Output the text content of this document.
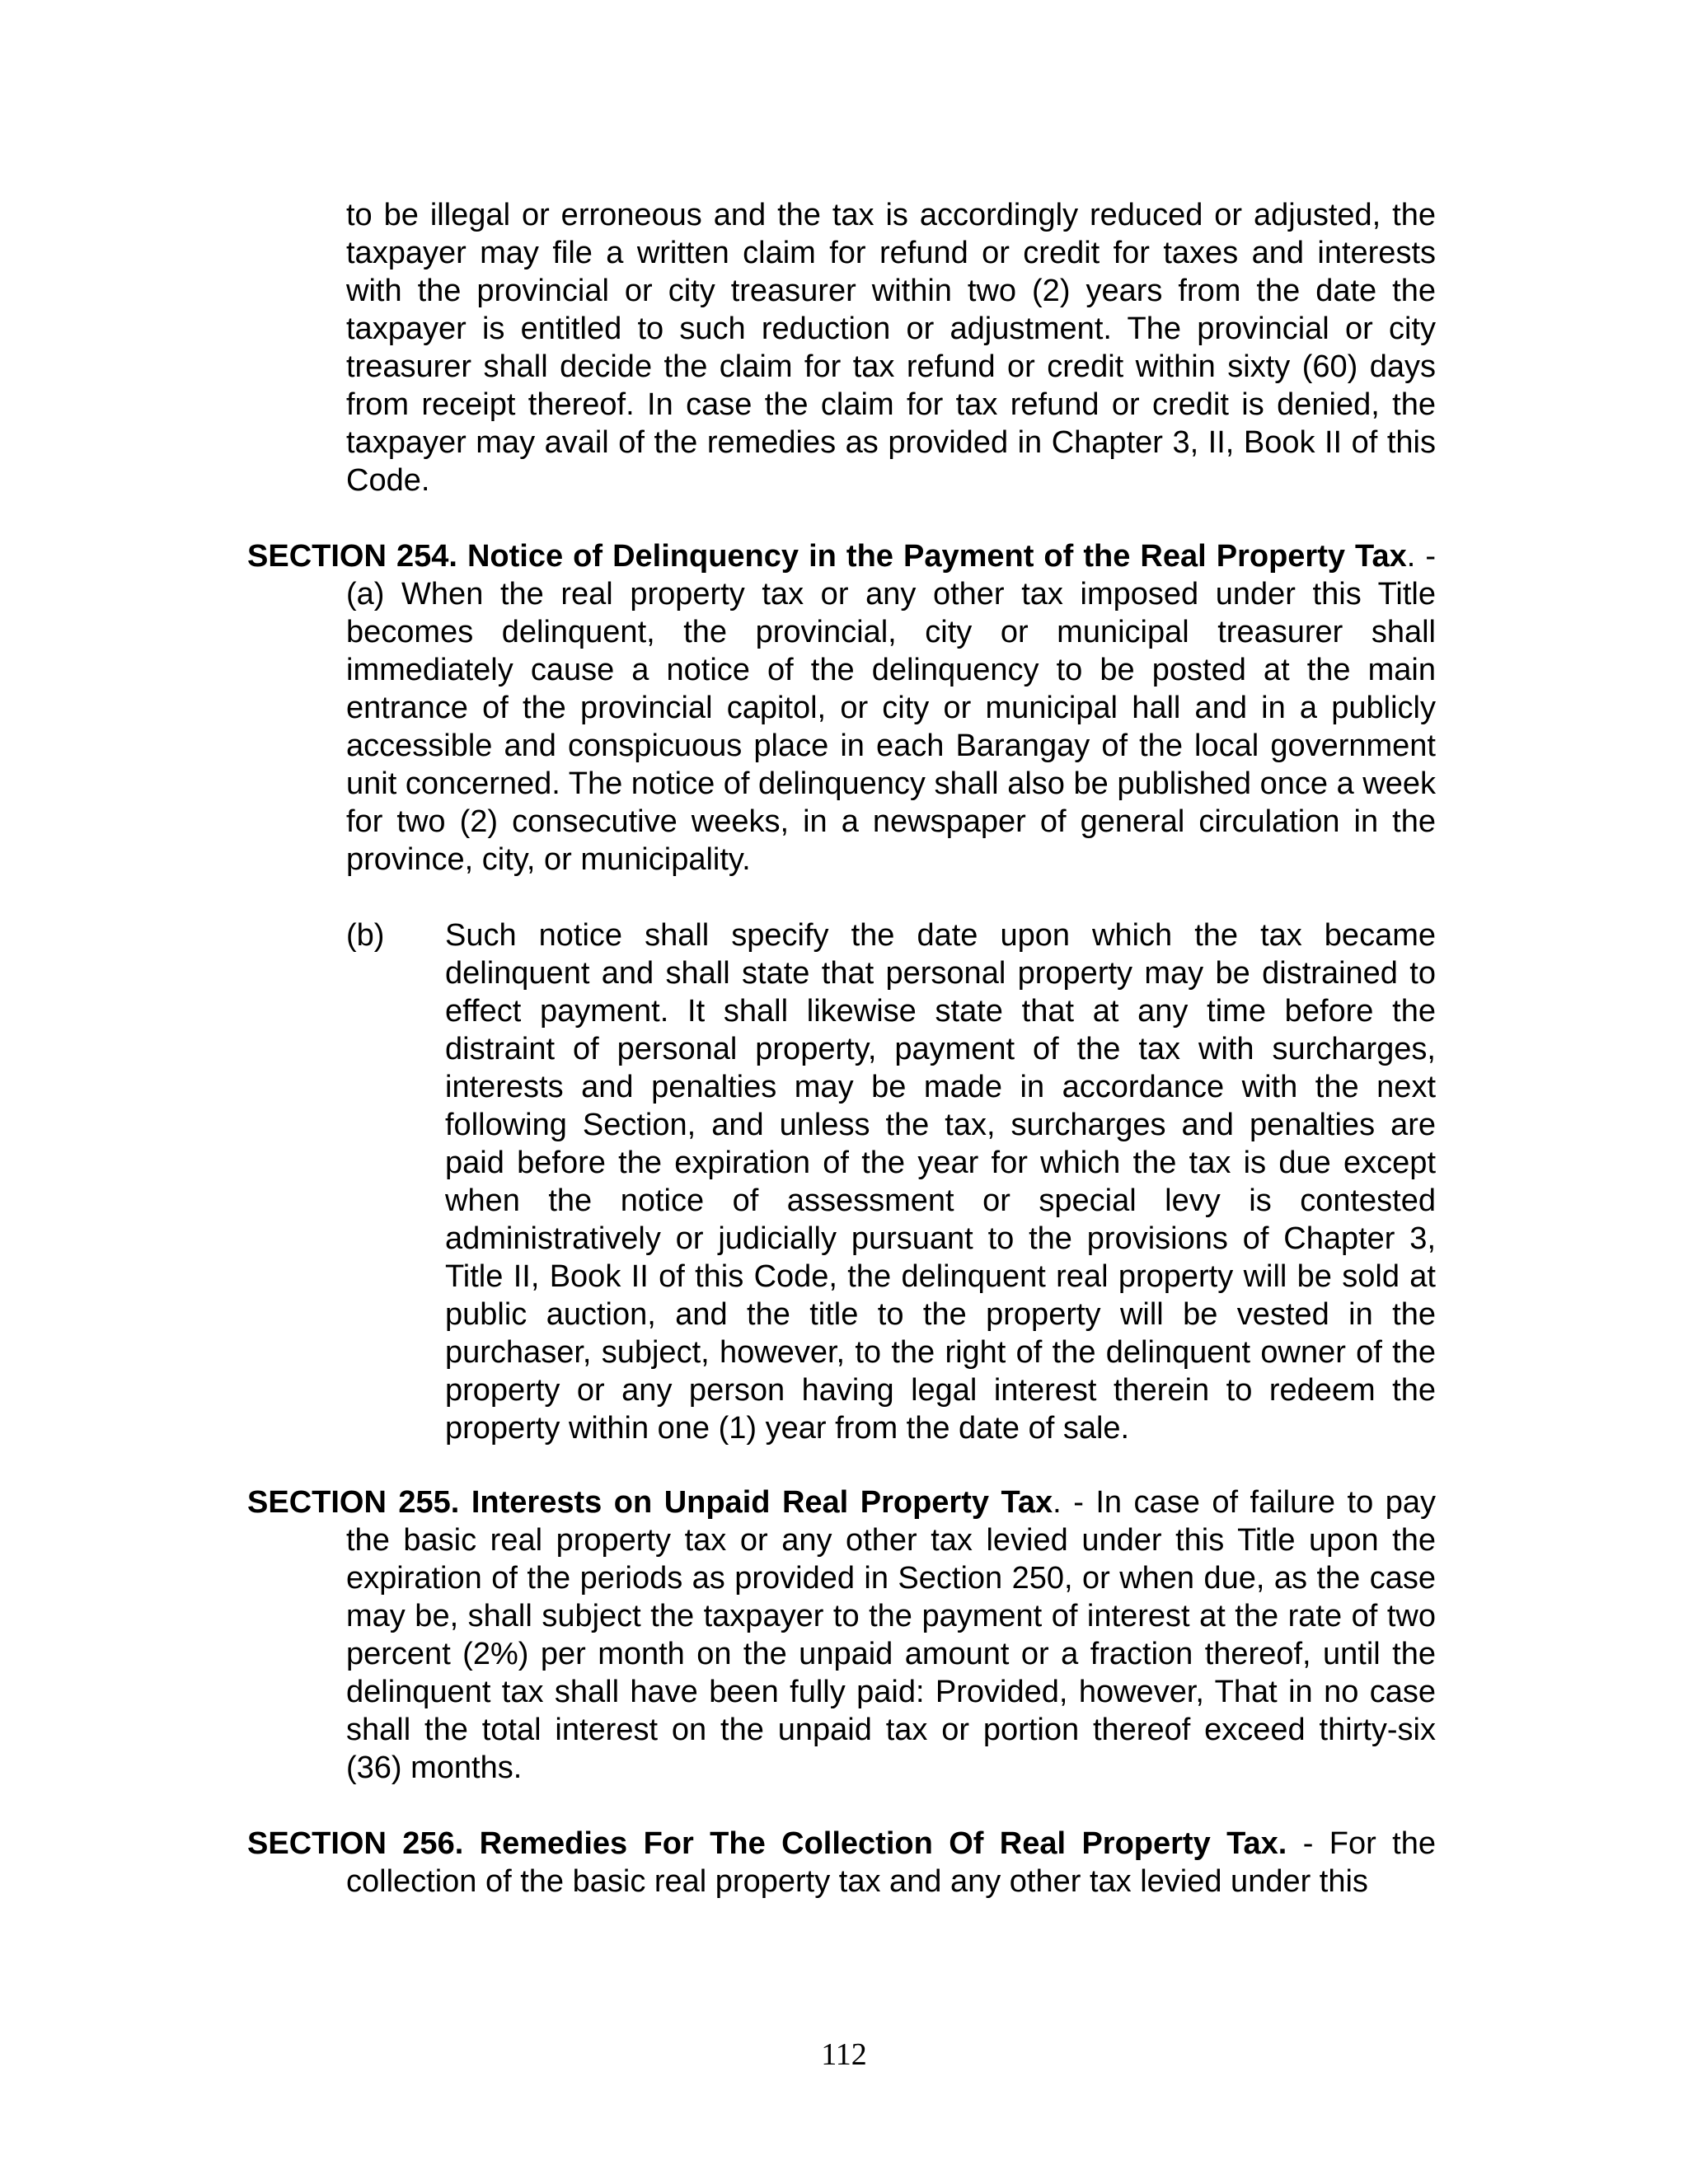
to be illegal or erroneous and the tax is accordingly reduced or adjusted, the taxpayer may file a written claim for refund or credit for taxes and interests with the provincial or city treasurer within two (2) years from the date the taxpayer is entitled to such reduction or adjustment. The provincial or city treasurer shall decide the claim for tax refund or credit within sixty (60) days from receipt thereof. In case the claim for tax refund or credit is denied, the taxpayer may avail of the remedies as provided in Chapter 3, II, Book II of this Code.

SECTION 254. Notice of Delinquency in the Payment of the Real Property Tax. - (a) When the real property tax or any other tax imposed under this Title becomes delinquent, the provincial, city or municipal treasurer shall immediately cause a notice of the delinquency to be posted at the main entrance of the provincial capitol, or city or municipal hall and in a publicly accessible and conspicuous place in each Barangay of the local government unit concerned. The notice of delinquency shall also be published once a week for two (2) consecutive weeks, in a newspaper of general circulation in the province, city, or municipality.

(b)	Such notice shall specify the date upon which the tax became delinquent and shall state that personal property may be distrained to effect payment. It shall likewise state that at any time before the distraint of personal property, payment of the tax with surcharges, interests and penalties may be made in accordance with the next following Section, and unless the tax, surcharges and penalties are paid before the expiration of the year for which the tax is due except when the notice of assessment or special levy is contested administratively or judicially pursuant to the provisions of Chapter 3, Title II, Book II of this Code, the delinquent real property will be sold at public auction, and the title to the property will be vested in the purchaser, subject, however, to the right of the delinquent owner of the property or any person having legal interest therein to redeem the property within one (1) year from the date of sale.

SECTION 255. Interests on Unpaid Real Property Tax. - In case of failure to pay the basic real property tax or any other tax levied under this Title upon the expiration of the periods as provided in Section 250, or when due, as the case may be, shall subject the taxpayer to the payment of interest at the rate of two percent (2%) per month on the unpaid amount or a fraction thereof, until the delinquent tax shall have been fully paid: Provided, however, That in no case shall the total interest on the unpaid tax or portion thereof exceed thirty-six (36) months.

SECTION 256. Remedies For The Collection Of Real Property Tax. - For the collection of the basic real property tax and any other tax levied under this

112
